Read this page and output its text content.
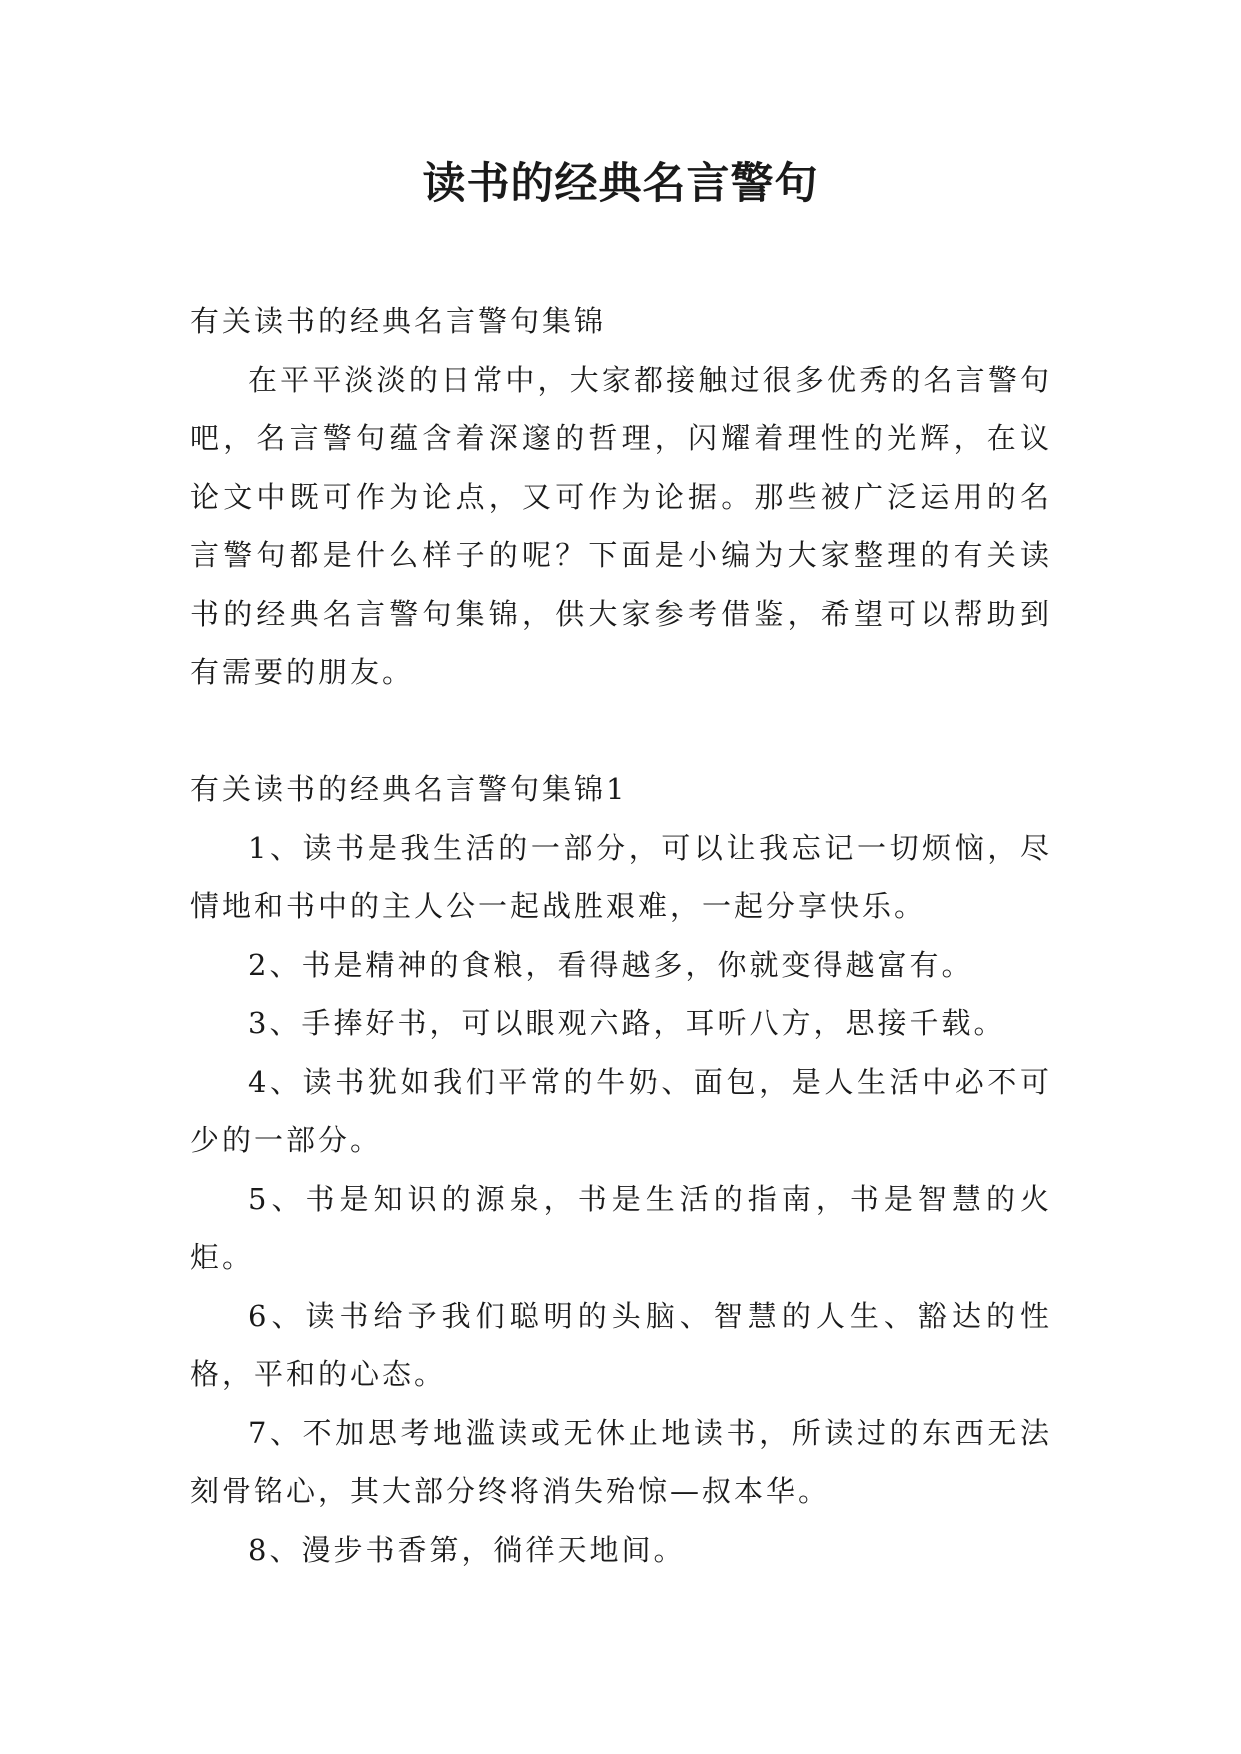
读书的经典名言警句

有关读书的经典名言警句集锦

在平平淡淡的日常中，大家都接触过很多优秀的名言警句吧，名言警句蕴含着深邃的哲理，闪耀着理性的光辉，在议论文中既可作为论点，又可作为论据。那些被广泛运用的名言警句都是什么样子的呢？下面是小编为大家整理的有关读书的经典名言警句集锦，供大家参考借鉴，希望可以帮助到有需要的朋友。

有关读书的经典名言警句集锦1

1、读书是我生活的一部分，可以让我忘记一切烦恼，尽情地和书中的主人公一起战胜艰难，一起分享快乐。

2、书是精神的食粮，看得越多，你就变得越富有。

3、手捧好书，可以眼观六路，耳听八方，思接千载。

4、读书犹如我们平常的牛奶、面包，是人生活中必不可少的一部分。

5、书是知识的源泉，书是生活的指南，书是智慧的火炬。

6、读书给予我们聪明的头脑、智慧的人生、豁达的性格，平和的心态。

7、不加思考地滥读或无休止地读书，所读过的东西无法刻骨铭心，其大部分终将消失殆惊—叔本华。

8、漫步书香第，徜徉天地间。
